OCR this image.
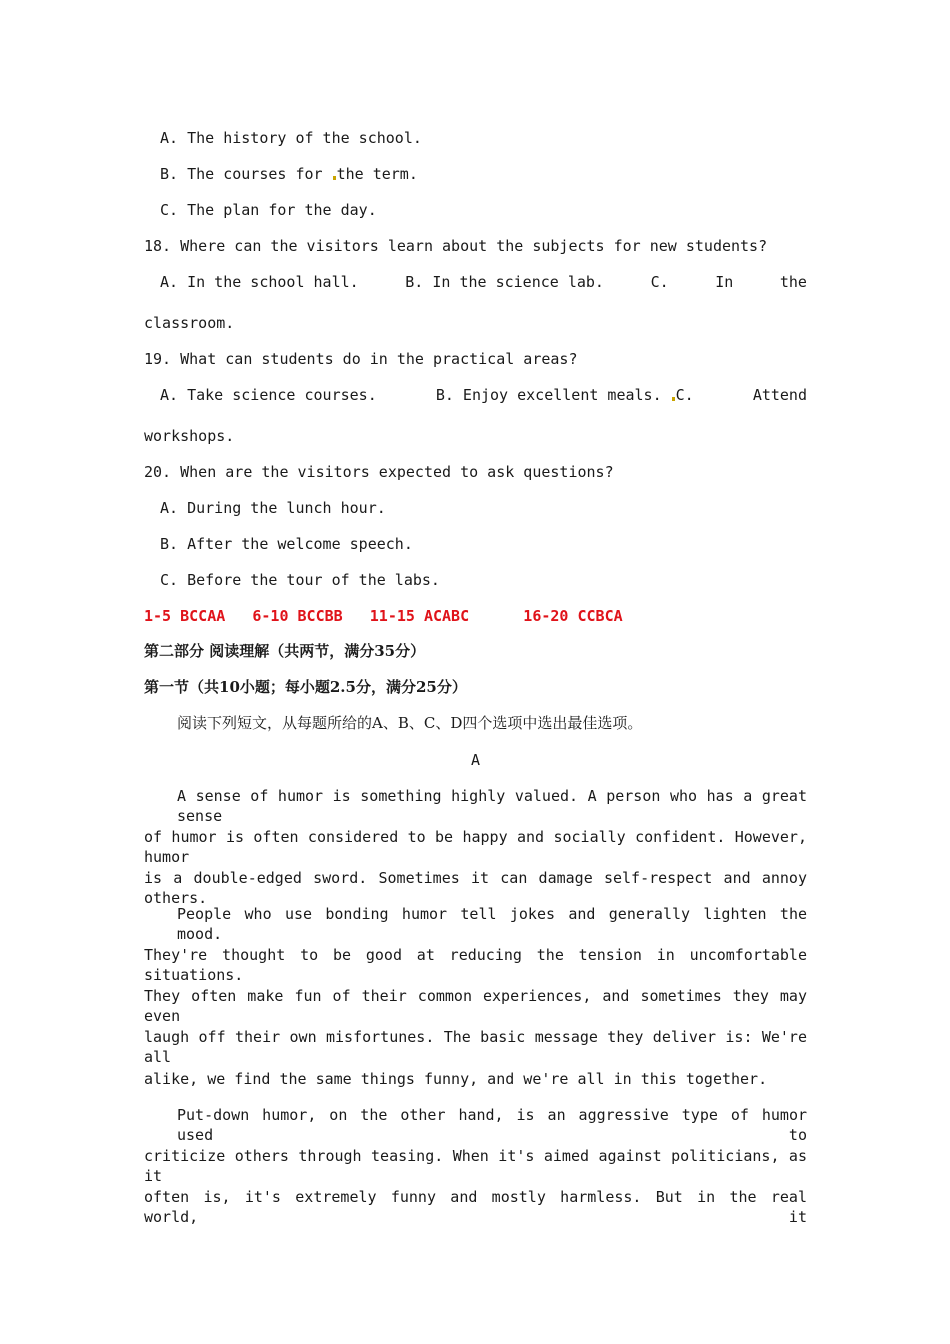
A. The history of the school.
B. The courses for the term.
C. The plan for the day.
18. Where can the visitors learn about the subjects for new students?
A. In the school hall.	B. In the science lab.	C.	In	the
classroom.
19. What can students do in the practical areas?
A. Take science courses.	B. Enjoy excellent meals. C.	Attend
workshops.
20. When are the visitors expected to ask questions?
A. During the lunch hour.
B. After the welcome speech.
C. Before the tour of the labs.
1-5 BCCAA   6-10 BCCBB   11-15 ACABC      16-20 CCBCA
第二部分 阅读理解（共两节，满分35分）
第一节（共10小题；每小题2.5分，满分25分）
阅读下列短文，从每题所给的A、B、C、D四个选项中选出最佳选项。
A
A sense of humor is something highly valued. A person who has a great sense
of humor is often considered to be happy and socially confident. However, humor
is a double-edged sword. Sometimes it can damage self-respect and annoy others.
People who use bonding humor tell jokes and generally lighten the mood.
They're thought to be good at reducing the tension in uncomfortable situations.
They often make fun of their common experiences, and sometimes they may even
laugh off their own misfortunes. The basic message they deliver is: We're all
alike, we find the same things funny, and we're all in this together.
Put-down humor, on the other hand, is an aggressive type of humor used to
criticize others through teasing. When it's aimed against politicians, as it
often is, it's extremely funny and mostly harmless. But in the real world, it
